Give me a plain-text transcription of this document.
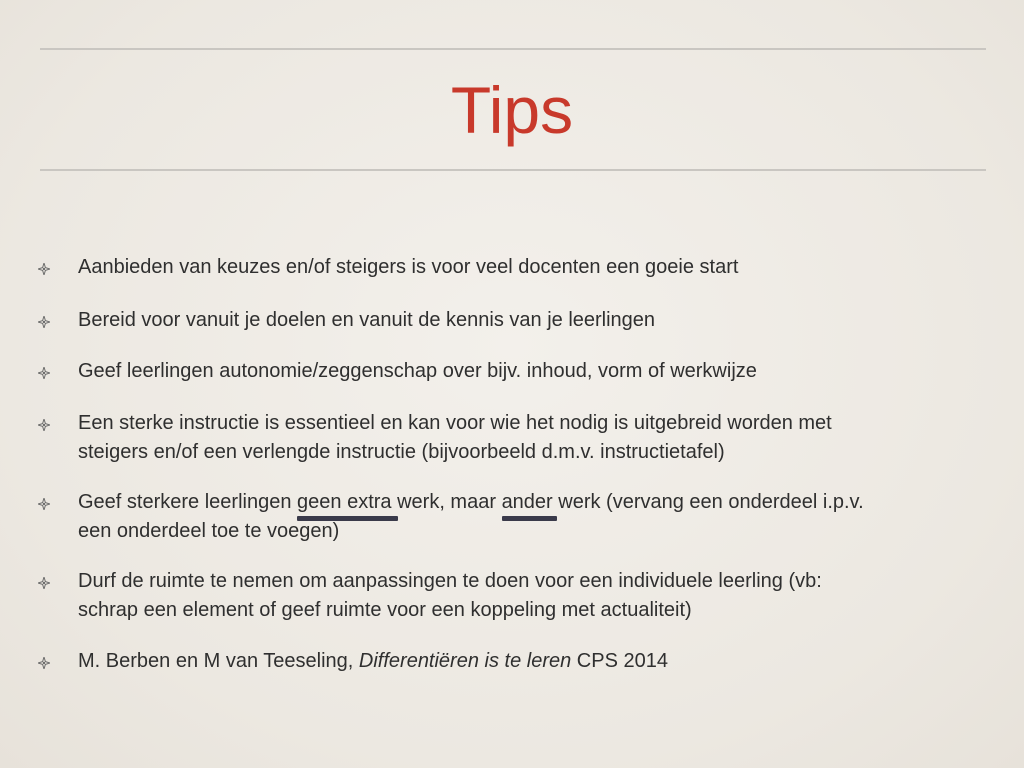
Tips
Aanbieden van keuzes en/of steigers is voor veel docenten een goeie start
Bereid voor vanuit je doelen en vanuit de kennis van je leerlingen
Geef leerlingen autonomie/zeggenschap over bijv. inhoud, vorm of werkwijze
Een sterke instructie is essentieel en kan voor wie het nodig is uitgebreid worden met
steigers en/of een verlengde instructie (bijvoorbeeld d.m.v. instructietafel)
Geef sterkere leerlingen geen extra
werk, maar ander
werk (vervang een onderdeel i.p.v.
een onderdeel toe te voegen)
Durf de ruimte te nemen om aanpassingen te doen voor een individuele leerling (vb:
schrap een element of geef ruimte voor een koppeling met actualiteit)
M. Berben en M van Teeseling, Differentiëren is te leren CPS 2014
